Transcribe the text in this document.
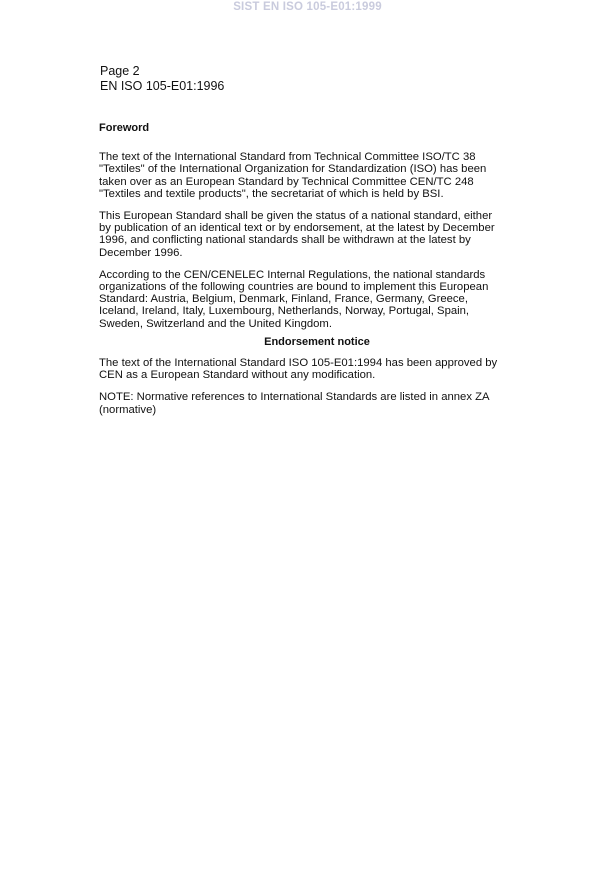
SIST EN ISO 105-E01:1999
Page 2
EN ISO 105-E01:1996
Foreword

The text of the International Standard from Technical Committee ISO/TC 38
"Textiles" of the International Organization for Standardization (ISO) has been
taken over as an European Standard by Technical Committee CEN/TC 248
"Textiles and textile products", the secretariat of which is held by BSI.

This European Standard shall be given the status of a national standard, either
by publication of an identical text or by endorsement, at the latest by December
1996, and conflicting national standards shall be withdrawn at the latest by
December 1996.

According to the CEN/CENELEC Internal Regulations, the national standards
organizations of the following countries are bound to implement this European
Standard: Austria, Belgium, Denmark, Finland, France, Germany, Greece,
Iceland, Ireland, Italy, Luxembourg, Netherlands, Norway, Portugal, Spain,
Sweden, Switzerland and the United Kingdom.

Endorsement notice

The text of the International Standard ISO 105-E01:1994 has been approved by
CEN as a European Standard without any modification.

NOTE: Normative references to International Standards are listed in annex ZA
(normative)
